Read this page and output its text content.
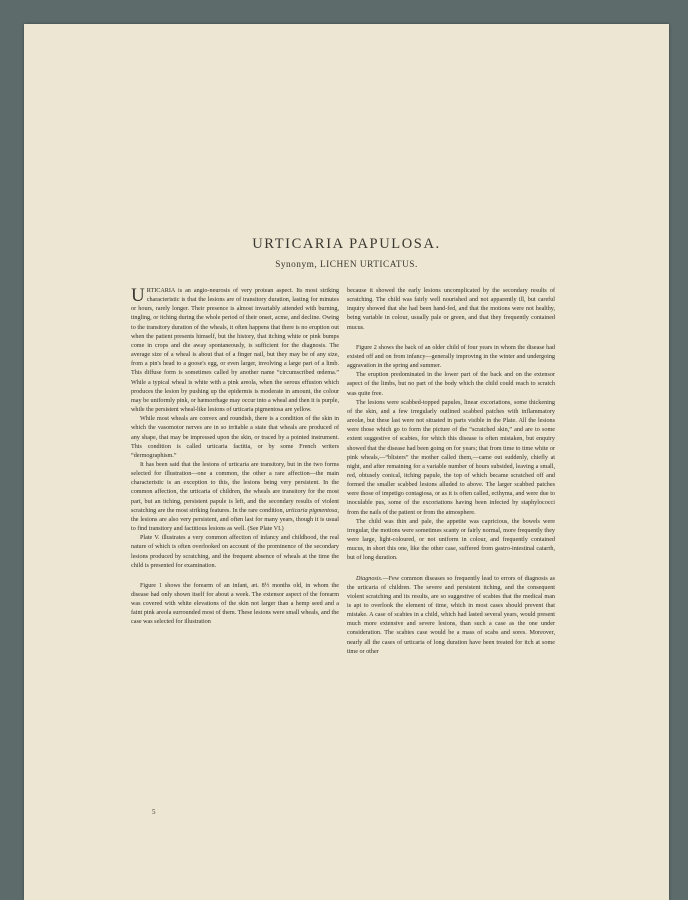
URTICARIA PAPULOSA.
Synonym, LICHEN URTICATUS.

URTICARIA is an angio-neurosis of very protean aspect. Its most striking characteristic is that the lesions are of transitory duration, lasting for minutes or hours, rarely longer. Their presence is almost invariably attended with burning, tingling, or itching during the whole period of their onset, acme, and decline. Owing to the transitory duration of the wheals, it often happens that there is no eruption out when the patient presents himself, but the history, that itching white or pink bumps come in crops and die away spontaneously, is sufficient for the diagnosis. The average size of a wheal is about that of a finger nail, but they may be of any size, from a pin's head to a goose's egg, or even larger, involving a large part of a limb. This diffuse form is sometimes called by another name “circumscribed œdema.” While a typical wheal is white with a pink areola, when the serous effusion which produces the lesion by pushing up the epidermis is moderate in amount, the colour may be uniformly pink, or hæmorrhage may occur into a wheal and then it is purple, while the persistent wheal-like lesions of urticaria pigmentosa are yellow.

While most wheals are convex and roundish, there is a condition of the skin in which the vasomotor nerves are in so irritable a state that wheals are produced of any shape, that may be impressed upon the skin, or traced by a pointed instrument. This condition is called urticaria factitia, or by some French writers “dermographism.”

It has been said that the lesions of urticaria are transitory, but in the two forms selected for illustration—one a common, the other a rare affection—the main characteristic is an exception to this, the lesions being very persistent. In the common affection, the urticaria of children, the wheals are transitory for the most part, but an itching, persistent papule is left, and the secondary results of violent scratching are the most striking features. In the rare condition, urticaria pigmentosa, the lesions are also very persistent, and often last for many years, though it is usual to find transitory and factitious lesions as well. (See Plate VI.)

Plate V. illustrates a very common affection of infancy and childhood, the real nature of which is often overlooked on account of the prominence of the secondary lesions produced by scratching, and the frequent absence of wheals at the time the child is presented for examination.

Figure 1 shows the forearm of an infant, æt. 8½ months old, in whom the disease had only shown itself for about a week. The extensor aspect of the forearm was covered with white elevations of the skin not larger than a hemp seed and a faint pink areola surrounded most of them. These lesions were small wheals, and the case was selected for illustration

because it showed the early lesions uncomplicated by the secondary results of scratching. The child was fairly well nourished and not apparently ill, but careful inquiry showed that she had been hand-fed, and that the motions were not healthy, being variable in colour, usually pale or green, and that they frequently contained mucus.

Figure 2 shows the back of an older child of four years in whom the disease had existed off and on from infancy—generally improving in the winter and undergoing aggravation in the spring and summer.

The eruption predominated in the lower part of the back and on the extensor aspect of the limbs, but no part of the body which the child could reach to scratch was quite free.

The lesions were scabbed-topped papules, linear excoriations, some thickening of the skin, and a few irregularly outlined scabbed patches with inflammatory areolæ, but these last were not situated in parts visible in the Plate. All the lesions were those which go to form the picture of the “scratched skin,” and are to some extent suggestive of scabies, for which this disease is often mistaken, but enquiry showed that the disease had been going on for years; that from time to time white or pink wheals,—“blisters” the mother called them,—came out suddenly, chiefly at night, and after remaining for a variable number of hours subsided, leaving a small, red, obtusely conical, itching papule, the top of which became scratched off and formed the smaller scabbed lesions alluded to above. The larger scabbed patches were those of impetigo contagiosa, or as it is often called, ecthyma, and were due to inoculable pus, some of the excoriations having been infected by staphylococci from the nails of the patient or from the atmosphere.

The child was thin and pale, the appetite was capricious, the bowels were irregular, the motions were sometimes scanty or fairly normal, more frequently they were large, light-coloured, or not uniform in colour, and frequently contained mucus, in short this one, like the other case, suffered from gastro-intestinal catarrh, but of long duration.

Diagnosis.—Few common diseases so frequently lead to errors of diagnosis as the urticaria of children. The severe and persistent itching, and the consequent violent scratching and its results, are so suggestive of scabies that the medical man is apt to overlook the element of time, which in most cases should prevent that mistake. A case of scabies in a child, which had lasted several years, would present much more extensive and severe lesions, than such a case as the one under consideration. The scabies case would be a mass of scabs and sores. Moreover, nearly all the cases of urticaria of long duration have been treated for itch at some time or other

5
